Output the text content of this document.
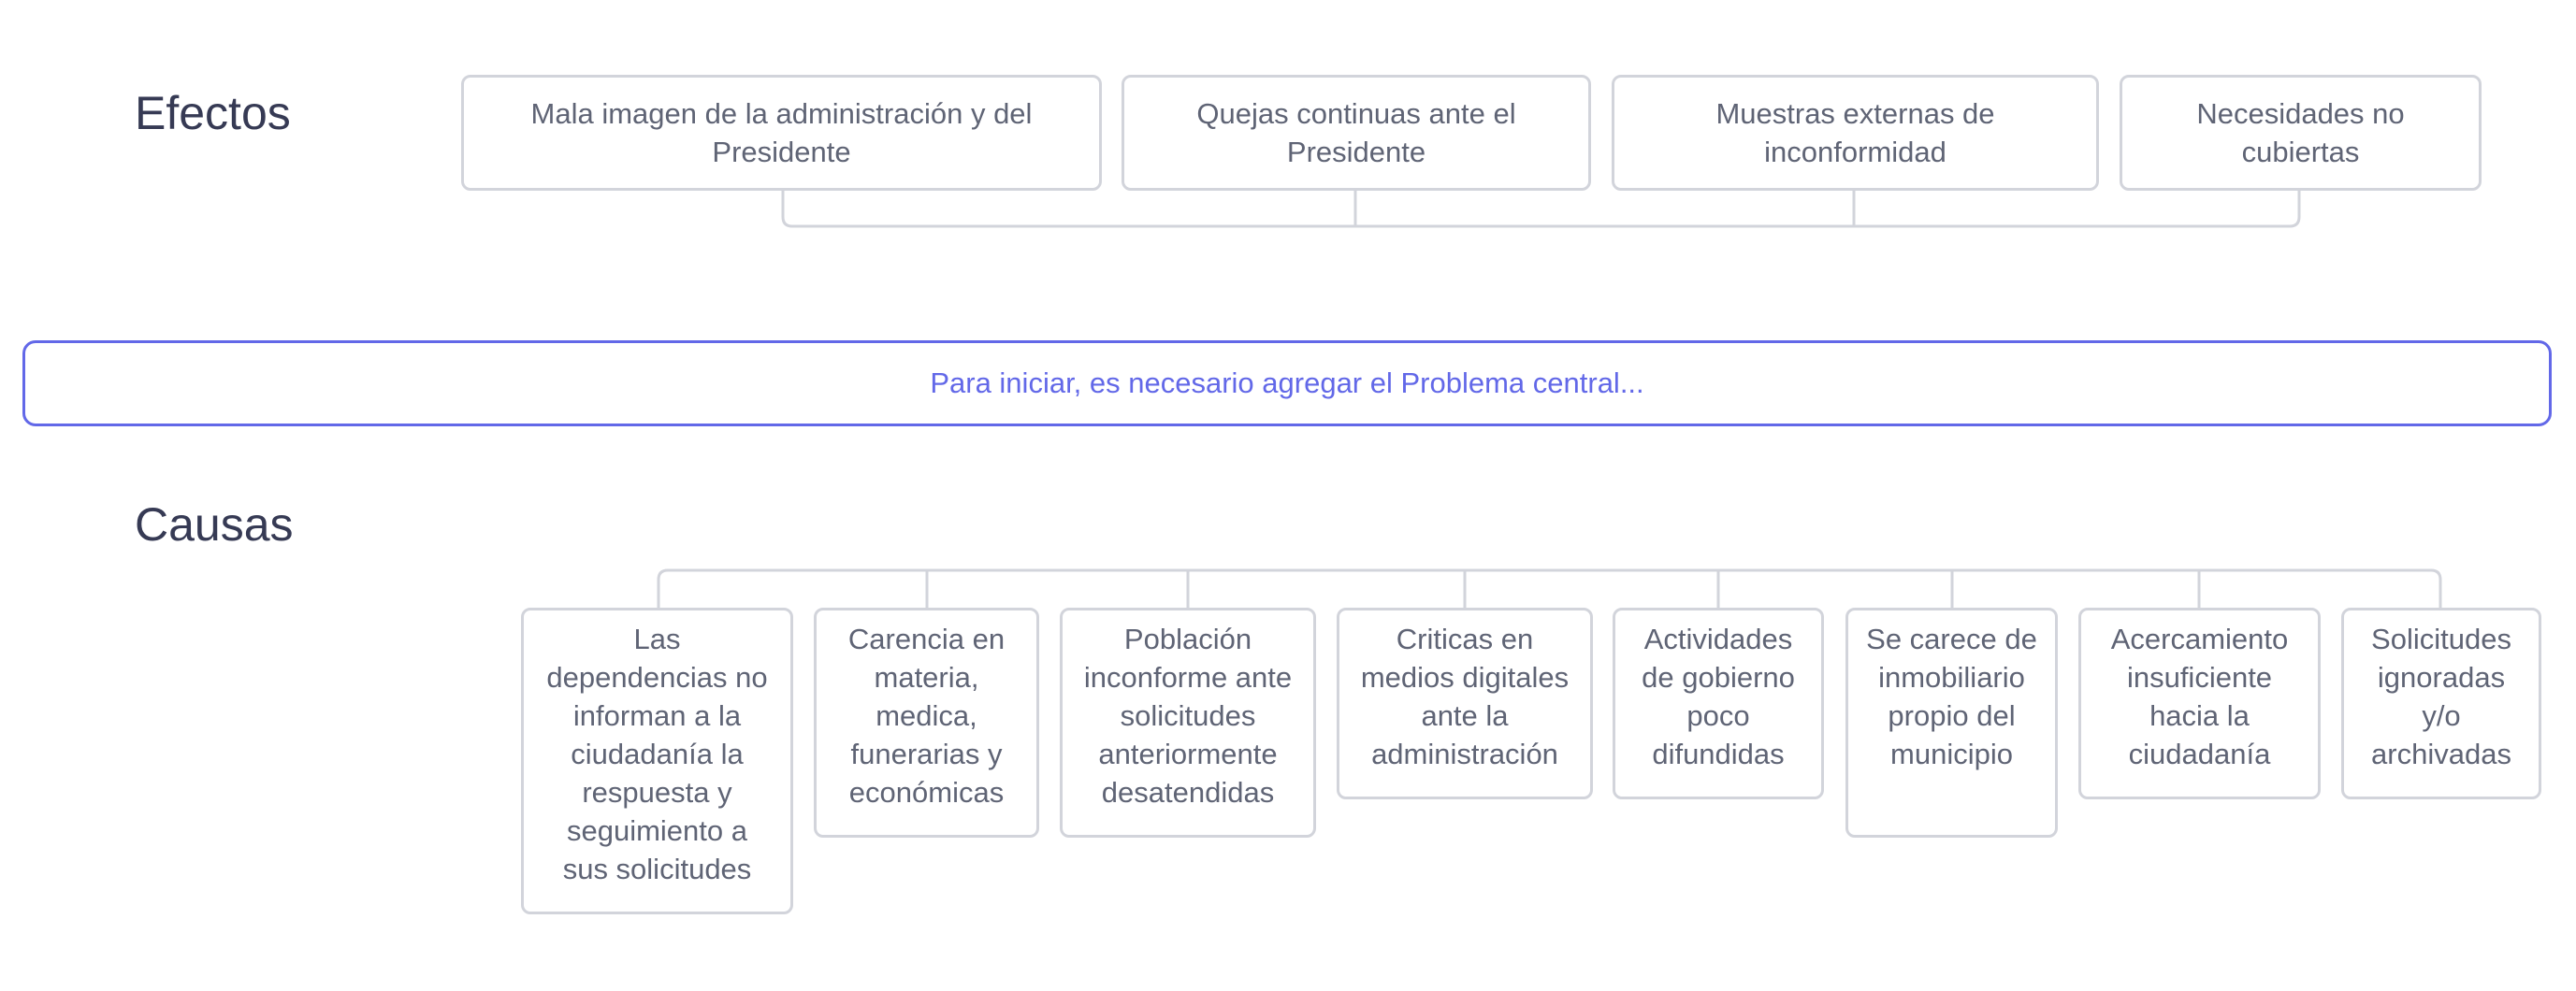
Efectos	Mala imagen de la administración y del Presidente
Quejas continuas ante el Presidente
Muestras externas de inconformidad
Necesidades no cubiertas
Para iniciar, es necesario agregar el Problema central...
Causas
Las dependencias no informan a la ciudadanía la respuesta y seguimiento a sus solicitudes
Carencia en materia, medica, funerarias y económicas
Población inconforme ante solicitudes anteriormente desatendidas
Criticas en medios digitales ante la administración
Actividades de gobierno poco difundidas
Se carece de inmobiliario propio del municipio
Acercamiento insuficiente hacia la ciudadanía
Solicitudes ignoradas y/o archivadas
